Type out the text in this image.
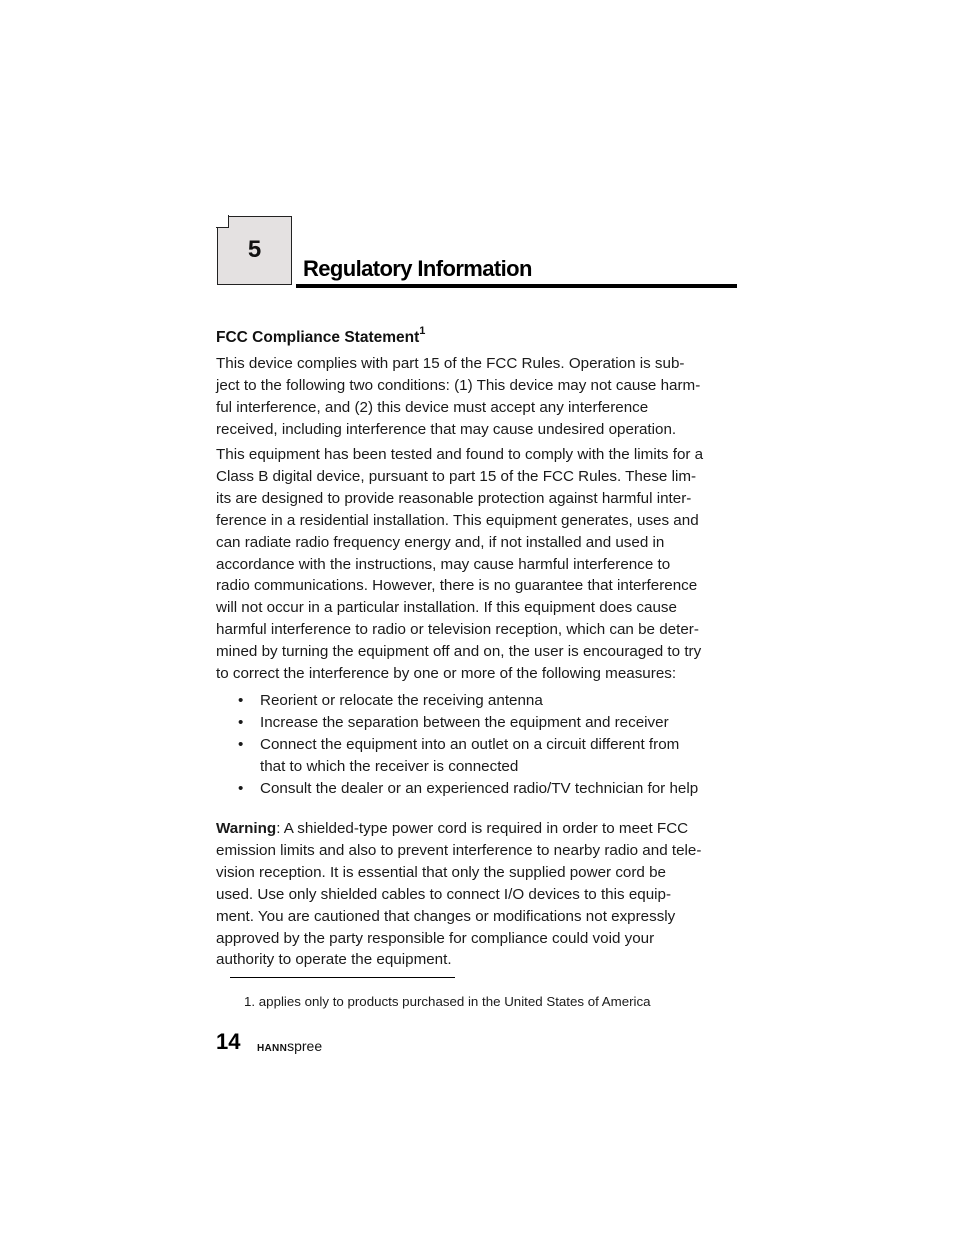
5
Regulatory Information
FCC Compliance Statement$^1$

This device complies with part 15 of the FCC Rules. Operation is sub-
ject to the following two conditions: (1) This device may not cause harm-
ful interference, and (2) this device must accept any interference
received, including interference that may cause undesired operation.

This equipment has been tested and found to comply with the limits for a
Class B digital device, pursuant to part 15 of the FCC Rules. These lim-
its are designed to provide reasonable protection against harmful inter-
ference in a residential installation. This equipment generates, uses and
can radiate radio frequency energy and, if not installed and used in
accordance with the instructions, may cause harmful interference to
radio communications. However, there is no guarantee that interference
will not occur in a particular installation. If this equipment does cause
harmful interference to radio or television reception, which can be deter-
mined by turning the equipment off and on, the user is encouraged to try
to correct the interference by one or more of the following measures:

• Reorient or relocate the receiving antenna
• Increase the separation between the equipment and receiver
• Connect the equipment into an outlet on a circuit different from
that to which the receiver is connected
• Consult the dealer or an experienced radio/TV technician for help

Warning: A shielded-type power cord is required in order to meet FCC
emission limits and also to prevent interference to nearby radio and tele-
vision reception. It is essential that only the supplied power cord be
used. Use only shielded cables to connect I/O devices to this equip-
ment. You are cautioned that changes or modifications not expressly
approved by the party responsible for compliance could void your
authority to operate the equipment.

1. applies only to products purchased in the United States of America
14 HANNspree
